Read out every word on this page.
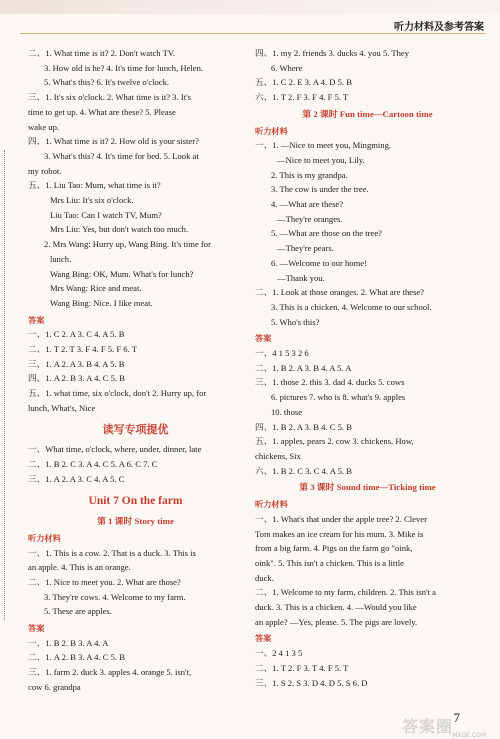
听力材料及参考答案
二、1. What time is it? 2. Don't watch TV.
3. How old is he? 4. It's time for lunch, Helen.
5. What's this? 6. It's twelve o'clock.
三、1. It's six o'clock. 2. What time is it? 3. It's
time to get up. 4. What are these? 5. Please
wake up.
四、1. What time is it? 2. How old is your sister?
3. What's this? 4. It's time for bed. 5. Look at
my robot.
五、1. Liu Tao: Mum, what time is it?
Mrs Liu: It's six o'clock.
Liu Tao: Can I watch TV, Mum?
Mrs Liu: Yes, but don't watch too much.
2. Mrs Wang: Hurry up, Wang Bing. It's time for
lunch.
Wang Bing: OK, Mum. What's for lunch?
Mrs Wang: Rice and meat.
Wang Bing: Nice. I like meat.
答案
一、1. C 2. A 3. C 4. A 5. B
二、1. T 2. T 3. F 4. F 5. F 6. T
三、1. A 2. A 3. B 4. A 5. B
四、1. A 2. B 3. A 4. C 5. B
五、1. what time, six o'clock, don't 2. Hurry up, for
lunch, What's, Nice
读写专项提优
一、What time, o'clock, where, under, dinner, late
二、1. B 2. C 3. A 4. C 5. A 6. C 7. C
三、1. A 2. A 3. C 4. A 5. C
Unit 7 On the farm
第 1 课时 Story time
听力材料
一、1. This is a cow. 2. That is a duck. 3. This is
an apple. 4. This is an orange.
二、1. Nice to meet you. 2. What are those?
3. They're cows. 4. Welcome to my farm.
5. These are apples.
答案
一、1. B 2. B 3. A 4. A
二、1. A 2. B 3. A 4. C 5. B
三、1. farm 2. duck 3. apples 4. orange 5. isn't,
cow 6. grandpa
四、1. my 2. friends 3. ducks 4. you 5. They
6. Where
五、1. C 2. E 3. A 4. D 5. B
六、1. T 2. F 3. F 4. F 5. T
第 2 课时 Fun time—Cartoon time
听力材料
一、1. —Nice to meet you, Mingming.
—Nice to meet you, Lily.
2. This is my grandpa.
3. The cow is under the tree.
4. —What are these?
—They're oranges.
5. —What are those on the tree?
—They're pears.
6. —Welcome to our home!
—Thank you.
二、1. Look at those oranges. 2. What are these?
3. This is a chicken. 4. Welcome to our school.
5. Who's this?
答案
一、4 1 5 3 2 6
二、1. B 2. A 3. B 4. A 5. A
三、1. those 2. this 3. dad 4. ducks 5. cows
6. pictures 7. who is 8. what's 9. apples
10. those
四、1. B 2. A 3. B 4. C 5. B
五、1. apples, pears 2. cow 3. chickens, How,
chickens, Six
六、1. B 2. C 3. C 4. A 5. B
第 3 课时 Sound time—Ticking time
听力材料
一、1. What's that under the apple tree? 2. Clever
Tom makes an ice cream for his mum. 3. Mike is
from a big farm. 4. Pigs on the farm go "oink,
oink". 5. This isn't a chicken. This is a little
duck.
二、1. Welcome to my farm, children. 2. This isn't a
duck. 3. This is a chicken. 4. —Would you like
an apple? —Yes, please. 5. The pigs are lovely.
答案
一、2 4 1 3 5
二、1. T 2. F 3. T 4. F 5. T
三、1. S 2. S 3. D 4. D 5. S 6. D
7
答案圈 MXQE.COM
